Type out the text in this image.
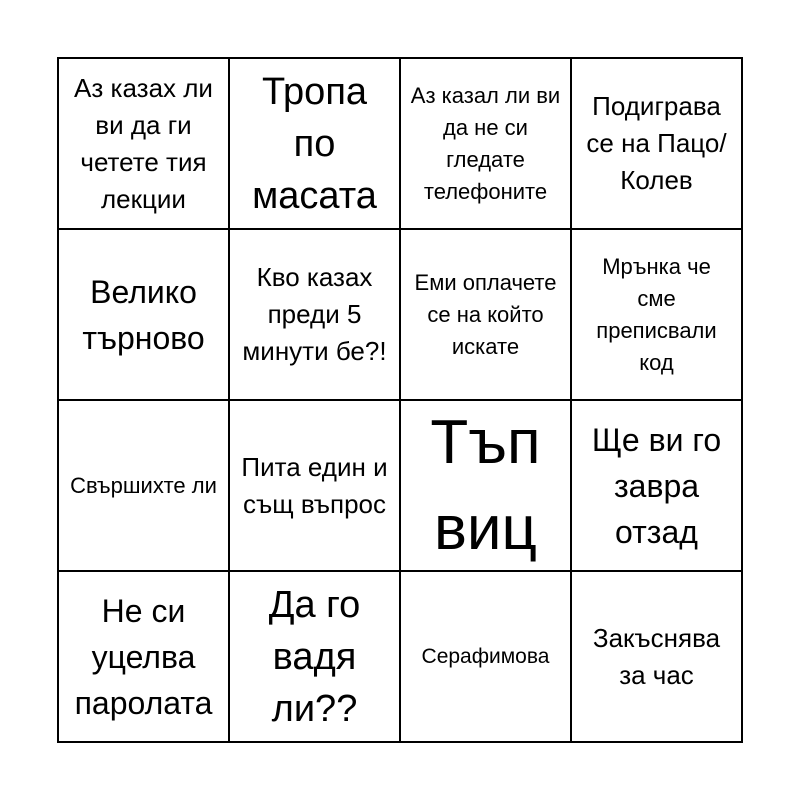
Аз казах ли ви да ги четете тия лекции
Тропа по масата
Аз казал ли ви да не си гледате телефоните
Подиграва се на Пацо/ Колев
Велико търново
Кво казах преди 5 минути бе?!
Еми оплачете се на който искате
Мрънка че сме преписвали код
Свършихте ли
Пита един и същ въпрос
Тъп виц
Ще ви го завра отзад
Не си уцелва паролата
Да го вадя ли??
Серафимова
Закъснява за час
